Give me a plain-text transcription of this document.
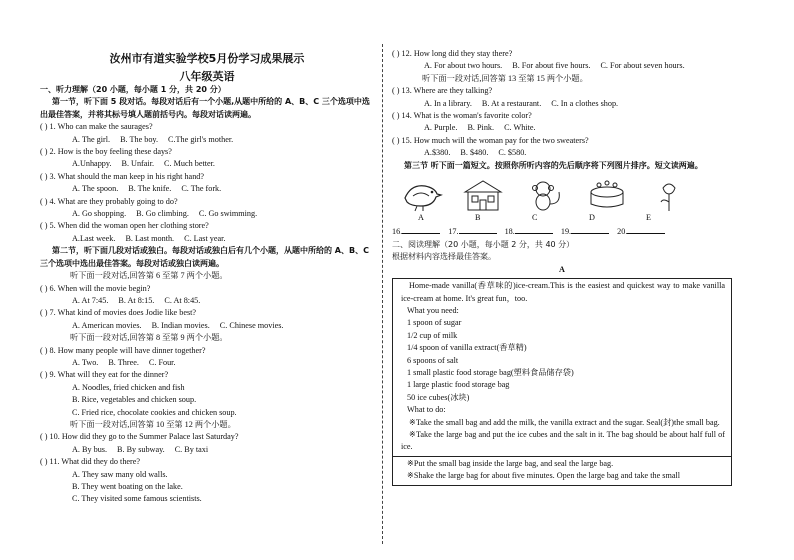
汝州市有道实验学校5月份学习成果展示
八年级英语
一、听力理解（20 小题，每小题 1 分，共 20 分）
第一节，听下面 5 段对话。每段对话后有一个小题,从题中所给的 A、B、C 三个选项中选出最佳答案，并将其标号填人题前括号内。每段对话读两遍。
( ) 1. Who can make the saurages?
A. The girl. B. The boy. C.The girl's mother.
( ) 2. How is the boy feeling these days?
A.Unhappy. B. Unfair. C. Much better.
( ) 3. What should the man keep in his right hand?
A. The spoon. B. The knife. C. The fork.
( ) 4. What are they probably going to do?
A. Go shopping. B. Go climbing. C. Go swimming.
( ) 5. When did the woman open her clothing store?
A.Last week. B. Last month. C. Last year.
第二节，听下面几段对话或独白。每段对话或独白后有几个小题，从题中所给的 A、B、C 三个选项中选出最佳答案。每段对话或独白读两遍。
听下面一段对话,回答第 6 至第 7 两个小题。
( ) 6. When will the movie begin?
A. At 7:45. B. At 8:15. C. At 8:45.
( ) 7. What kind of movies does Jodie like best?
A. American movies. B. Indian movies. C. Chinese movies.
听下面一段对话,回答第 8 至第 9 两个小题。
( ) 8. How many people will have dinner together?
A. Two. B. Three. C. Four.
( ) 9. What will they eat for the dinner?
A. Noodles, fried chicken and fish
B. Rice, vegetables and chicken soup.
C. Fried rice, chocolate cookies and chicken soup.
听下面一段对话,回答第 10 至第 12 两个小题。
( ) 10. How did they go to the Summer Palace last Saturday?
A. By bus. B. By subway. C. By taxi
( ) 11. What did they do there?
A. They saw many old walls.
B. They went boating on the lake.
C. They visited some famous scientists.
( ) 12. How long did they stay there?
A. For about two hours. B. For about five hours. C. For about seven hours.
听下面一段对话,回答第 13 至第 15 两个小题。
( ) 13. Where are they talking?
A. In a library. B. At a restaurant. C. In a clothes shop.
( ) 14. What is the woman's favorite color?
A. Purple. B. Pink. C. White.
( ) 15. How much will the woman pay for the two sweaters?
A.$380. B. $480. C. $580.
第三节 听下面一篇短文。按照你所听内容的先后顺序将下列图片排序。短文读两遍。
A	B	C	D	E
16.	17.	18.	19.	20.
二、阅读理解（20 小题，每小题 2 分，共 40 分）
根据材料内容选择最佳答案。
A
Home-made vanilla(香草味的)ice-cream.This is the easiest and quickest way to make vanilla ice-cream at home. It's great fun，too.
What you need:
1 spoon of sugar
1/2 cup of milk
1/4 spoon of vanilla extract(香草精)
6 spoons of salt
1 small plastic food storage bag(塑料食品储存袋)
1 large plastic food storage bag
50 ice cubes(冰块)
What to do:
※Take the small bag and add the milk, the vanilla extract and the sugar. Seal(封)the small bag.
※Take the large bag and put the ice cubes and the salt in it. The bag should be about half full of ice.
※Put the small bag inside the large bag, and seal the large bag.
※Shake the large bag for about five minutes. Open the large bag and take the small
